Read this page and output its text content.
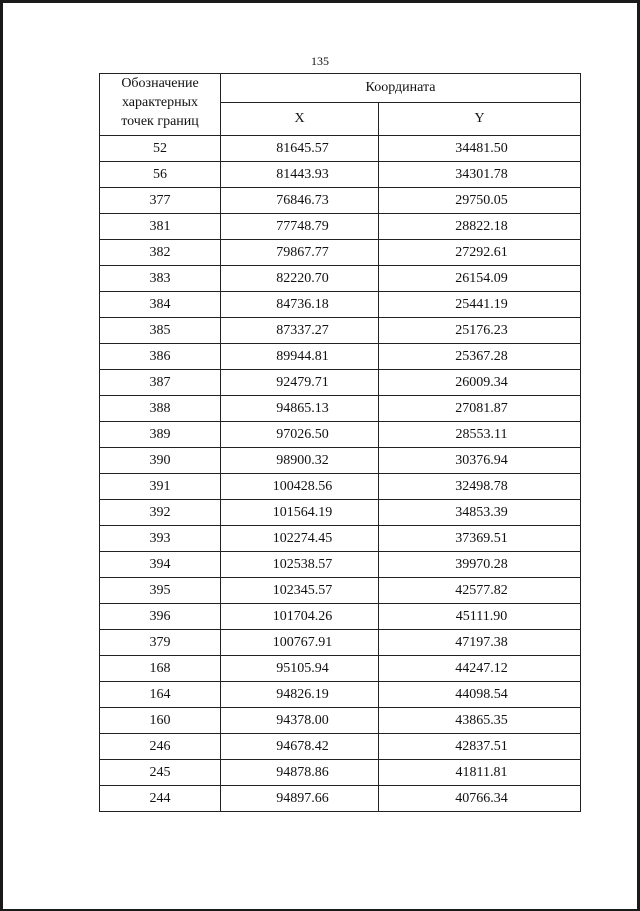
135
Обозначение
характерных
точек границ	Координата	
	X	Y
52	81645.57	34481.50
56	81443.93	34301.78
377	76846.73	29750.05
381	77748.79	28822.18
382	79867.77	27292.61
383	82220.70	26154.09
384	84736.18	25441.19
385	87337.27	25176.23
386	89944.81	25367.28
387	92479.71	26009.34
388	94865.13	27081.87
389	97026.50	28553.11
390	98900.32	30376.94
391	100428.56	32498.78
392	101564.19	34853.39
393	102274.45	37369.51
394	102538.57	39970.28
395	102345.57	42577.82
396	101704.26	45111.90
379	100767.91	47197.38
168	95105.94	44247.12
164	94826.19	44098.54
160	94378.00	43865.35
246	94678.42	42837.51
245	94878.86	41811.81
244	94897.66	40766.34
